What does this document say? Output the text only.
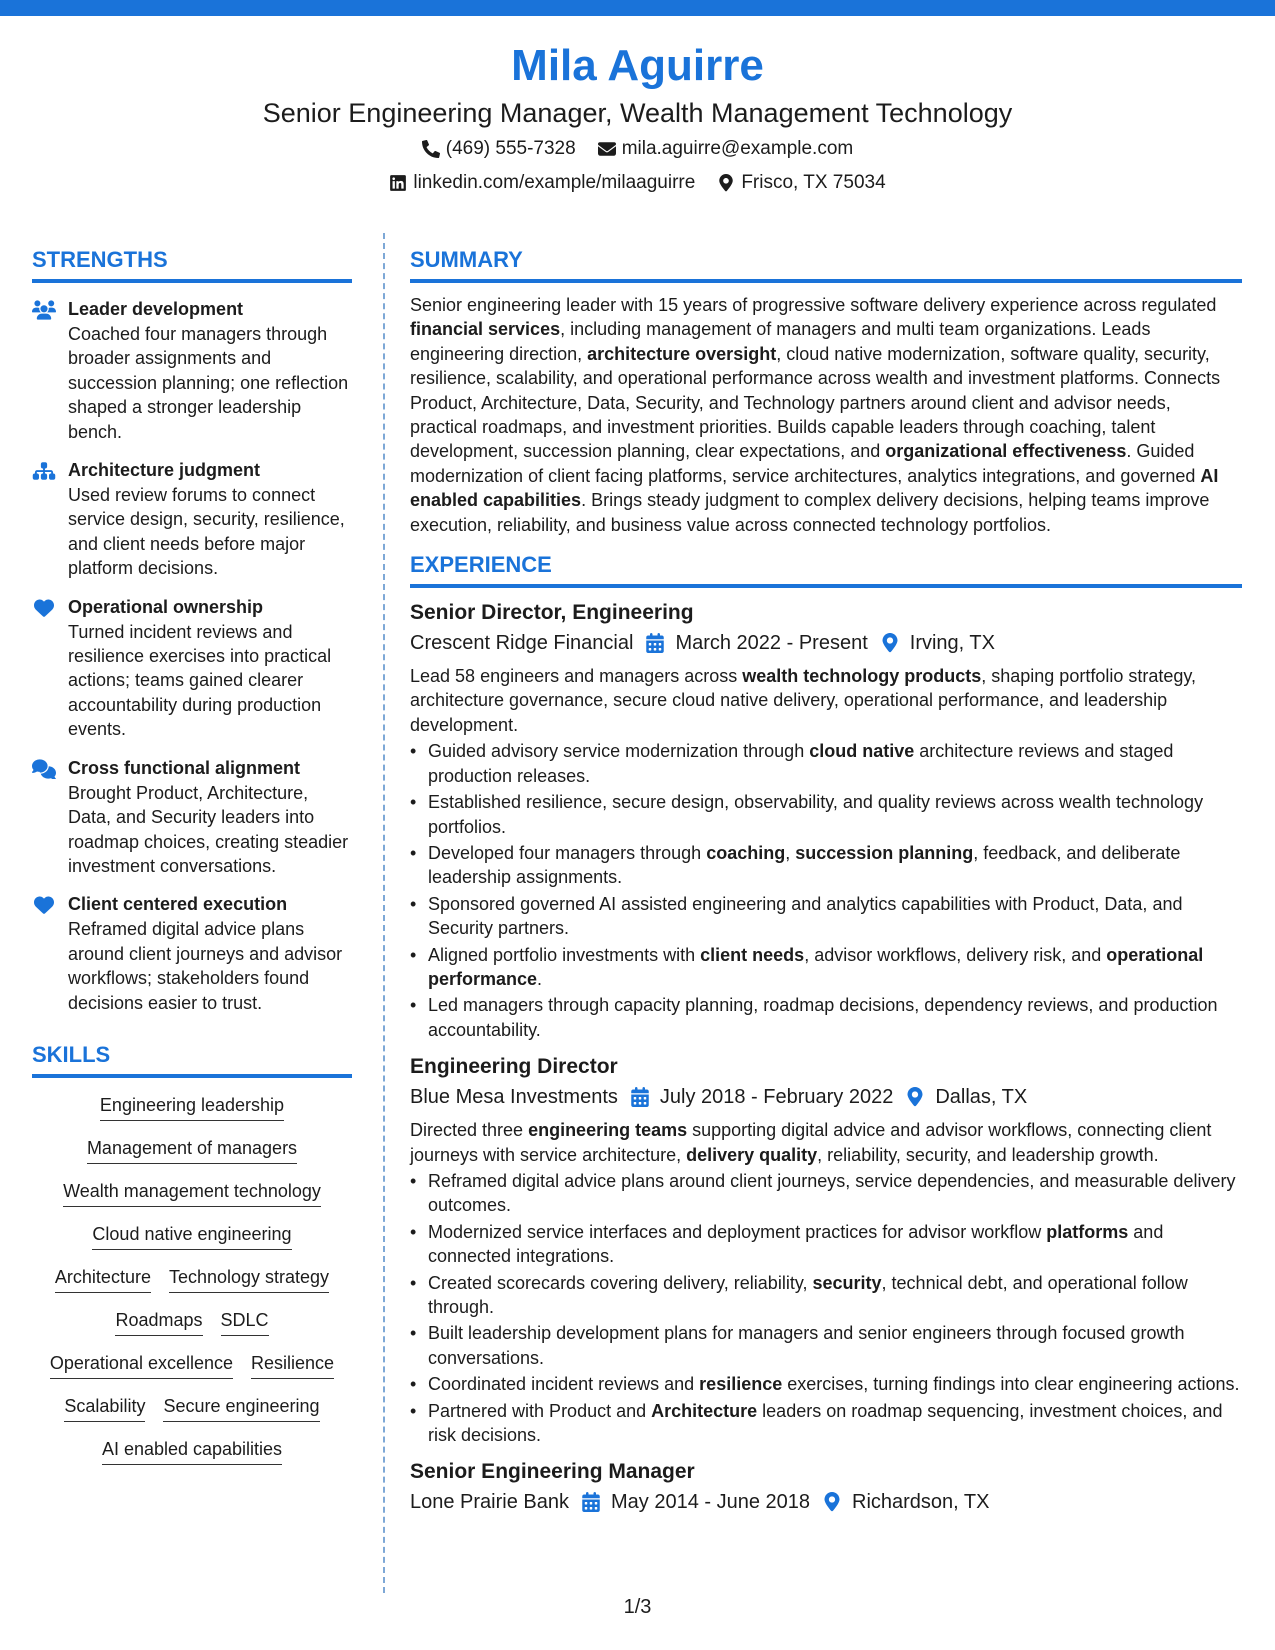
Mila Aguirre
Senior Engineering Manager, Wealth Management Technology
(469) 555-7328 mila.aguirre@example.com
linkedin.com/example/milaaguirre Frisco, TX 75034
STRENGTHS
Leader development
Coached four managers through broader assignments and succession planning; one reflection shaped a stronger leadership bench.
Architecture judgment
Used review forums to connect service design, security, resilience, and client needs before major platform decisions.
Operational ownership
Turned incident reviews and resilience exercises into practical actions; teams gained clearer accountability during production events.
Cross functional alignment
Brought Product, Architecture, Data, and Security leaders into roadmap choices, creating steadier investment conversations.
Client centered execution
Reframed digital advice plans around client journeys and advisor workflows; stakeholders found decisions easier to trust.
SKILLS
Engineering leadership
Management of managers
Wealth management technology
Cloud native engineering
Architecture Technology strategy
Roadmaps SDLC
Operational excellence Resilience
Scalability Secure engineering
AI enabled capabilities
SUMMARY
Senior engineering leader with 15 years of progressive software delivery experience across regulated financial services, including management of managers and multi team organizations. Leads engineering direction, architecture oversight, cloud native modernization, software quality, security, resilience, scalability, and operational performance across wealth and investment platforms. Connects Product, Architecture, Data, Security, and Technology partners around client and advisor needs, practical roadmaps, and investment priorities. Builds capable leaders through coaching, talent development, succession planning, clear expectations, and organizational effectiveness. Guided modernization of client facing platforms, service architectures, analytics integrations, and governed AI enabled capabilities. Brings steady judgment to complex delivery decisions, helping teams improve execution, reliability, and business value across connected technology portfolios.
EXPERIENCE
Senior Director, Engineering
Crescent Ridge Financial March 2022 - Present Irving, TX
Lead 58 engineers and managers across wealth technology products, shaping portfolio strategy, architecture governance, secure cloud native delivery, operational performance, and leadership development.
• Guided advisory service modernization through cloud native architecture reviews and staged production releases.
• Established resilience, secure design, observability, and quality reviews across wealth technology portfolios.
• Developed four managers through coaching, succession planning, feedback, and deliberate leadership assignments.
• Sponsored governed AI assisted engineering and analytics capabilities with Product, Data, and Security partners.
• Aligned portfolio investments with client needs, advisor workflows, delivery risk, and operational performance.
• Led managers through capacity planning, roadmap decisions, dependency reviews, and production accountability.
Engineering Director
Blue Mesa Investments July 2018 - February 2022 Dallas, TX
Directed three engineering teams supporting digital advice and advisor workflows, connecting client journeys with service architecture, delivery quality, reliability, security, and leadership growth.
• Reframed digital advice plans around client journeys, service dependencies, and measurable delivery outcomes.
• Modernized service interfaces and deployment practices for advisor workflow platforms and connected integrations.
• Created scorecards covering delivery, reliability, security, technical debt, and operational follow through.
• Built leadership development plans for managers and senior engineers through focused growth conversations.
• Coordinated incident reviews and resilience exercises, turning findings into clear engineering actions.
• Partnered with Product and Architecture leaders on roadmap sequencing, investment choices, and risk decisions.
Senior Engineering Manager
Lone Prairie Bank May 2014 - June 2018 Richardson, TX
1/3
